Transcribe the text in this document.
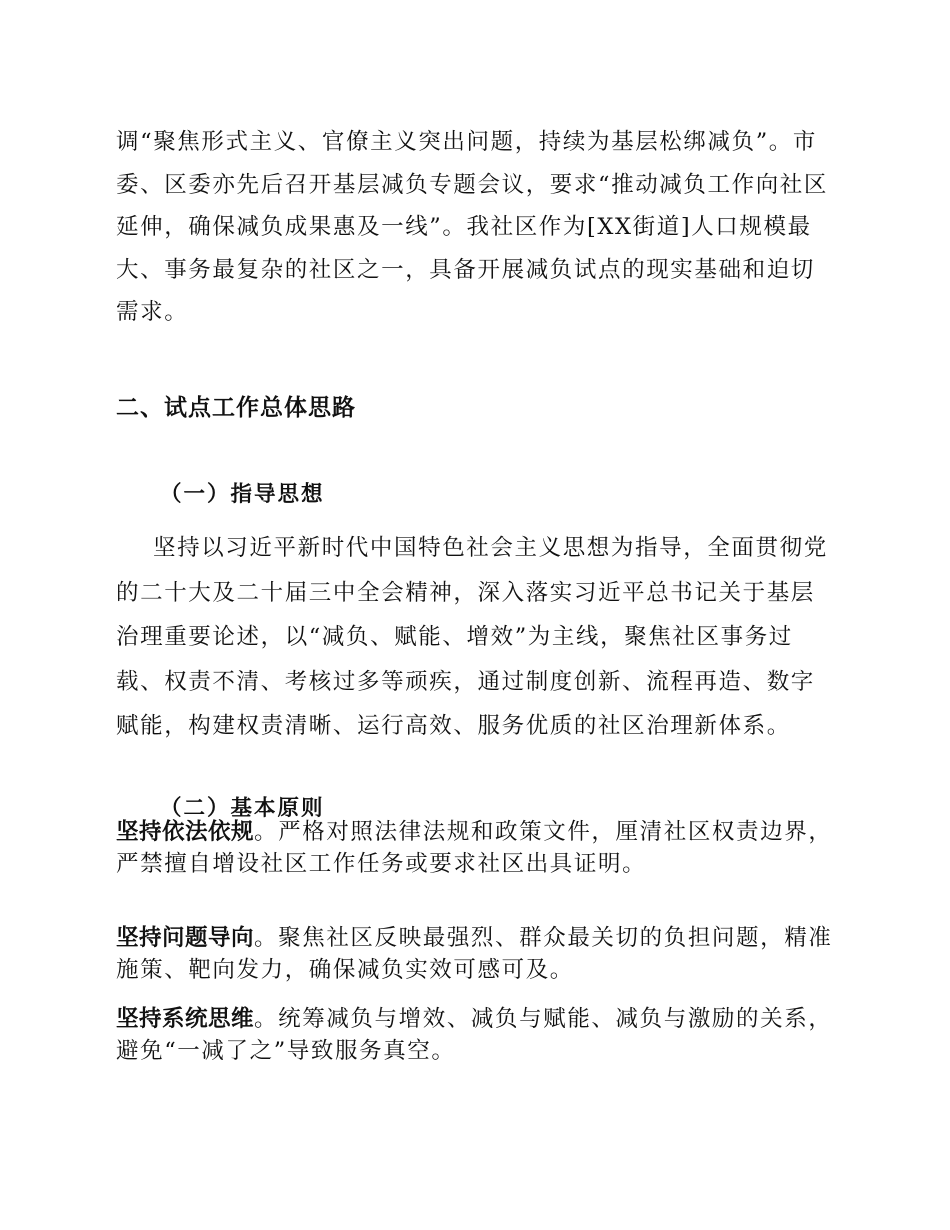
调“聚焦形式主义、官僚主义突出问题，持续为基层松绑减负”。市委、区委亦先后召开基层减负专题会议，要求“推动减负工作向社区延伸，确保减负成果惠及一线”。我社区作为[XX街道]人口规模最大、事务最复杂的社区之一，具备开展减负试点的现实基础和迫切需求。

二、试点工作总体思路
（一）指导思想

坚持以习近平新时代中国特色社会主义思想为指导，全面贯彻党的二十大及二十届三中全会精神，深入落实习近平总书记关于基层治理重要论述，以“减负、赋能、增效”为主线，聚焦社区事务过载、权责不清、考核过多等顽疾，通过制度创新、流程再造、数字赋能，构建权责清晰、运行高效、服务优质的社区治理新体系。

（二）基本原则

坚持依法依规。严格对照法律法规和政策文件，厘清社区权责边界，严禁擅自增设社区工作任务或要求社区出具证明。

坚持问题导向。聚焦社区反映最强烈、群众最关切的负担问题，精准施策、靶向发力，确保减负实效可感可及。

坚持系统思维。统筹减负与增效、减负与赋能、减负与激励的关系，避免“一减了之”导致服务真空。
